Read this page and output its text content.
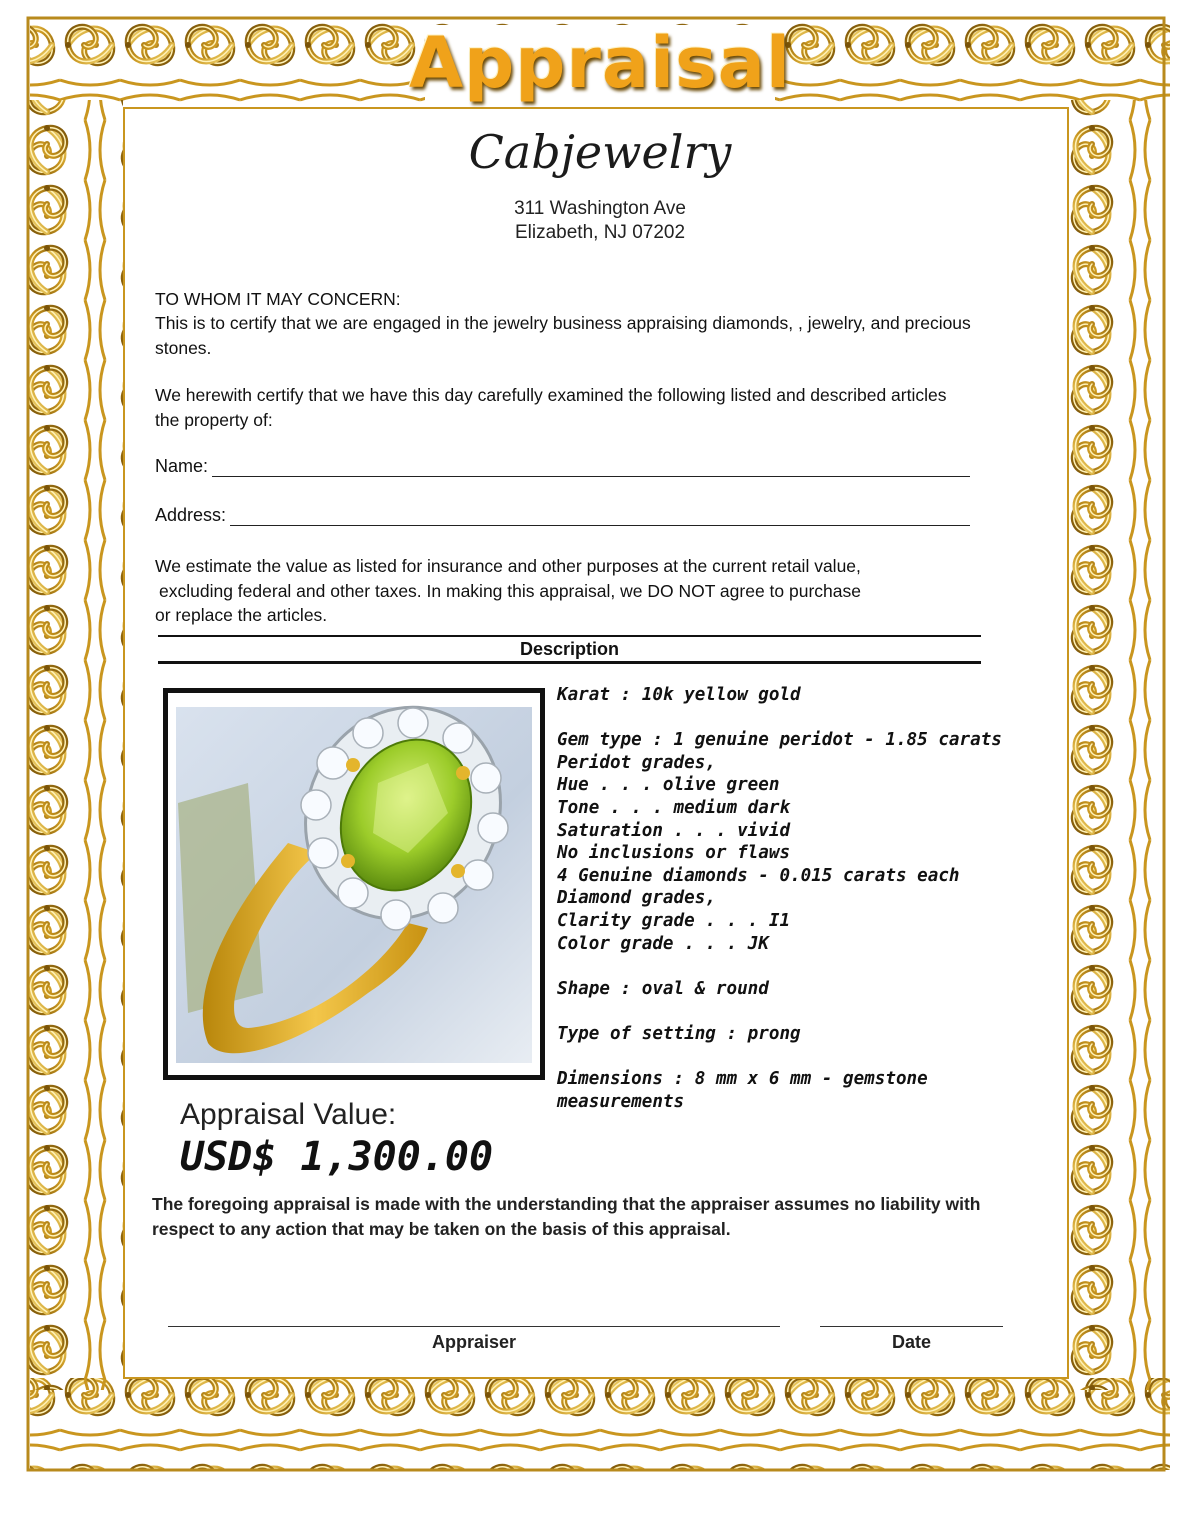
Appraisal
Cabjewelry
311 Washington Ave
Elizabeth, NJ 07202
TO WHOM IT MAY CONCERN:
This is to certify that we are engaged in the jewelry business appraising diamonds, , jewelry, and precious stones.
We herewith certify that we have this day carefully examined the following listed and described articles the property of:
Name:
Address:
We estimate the value as listed for insurance and other purposes at the current retail value,
excluding federal and other taxes. In making this appraisal, we DO NOT agree to purchase
or replace the articles.
Description
Karat : 10k yellow gold
Gem type : 1 genuine peridot - 1.85 carats
Peridot grades,
Hue . . . olive green
Tone . . . medium dark
Saturation . . . vivid
No inclusions or flaws
4 Genuine diamonds - 0.015 carats each
Diamond grades,
Clarity grade . . . I1
Color grade . . . JK
Shape : oval & round
Type of setting : prong
Dimensions : 8 mm x 6 mm - gemstone
measurements
Appraisal Value:
USD$ 1,300.00
The foregoing appraisal is made with the understanding that the appraiser assumes no liability with
respect to any action that may be taken on the basis of this appraisal.
Appraiser	Date
